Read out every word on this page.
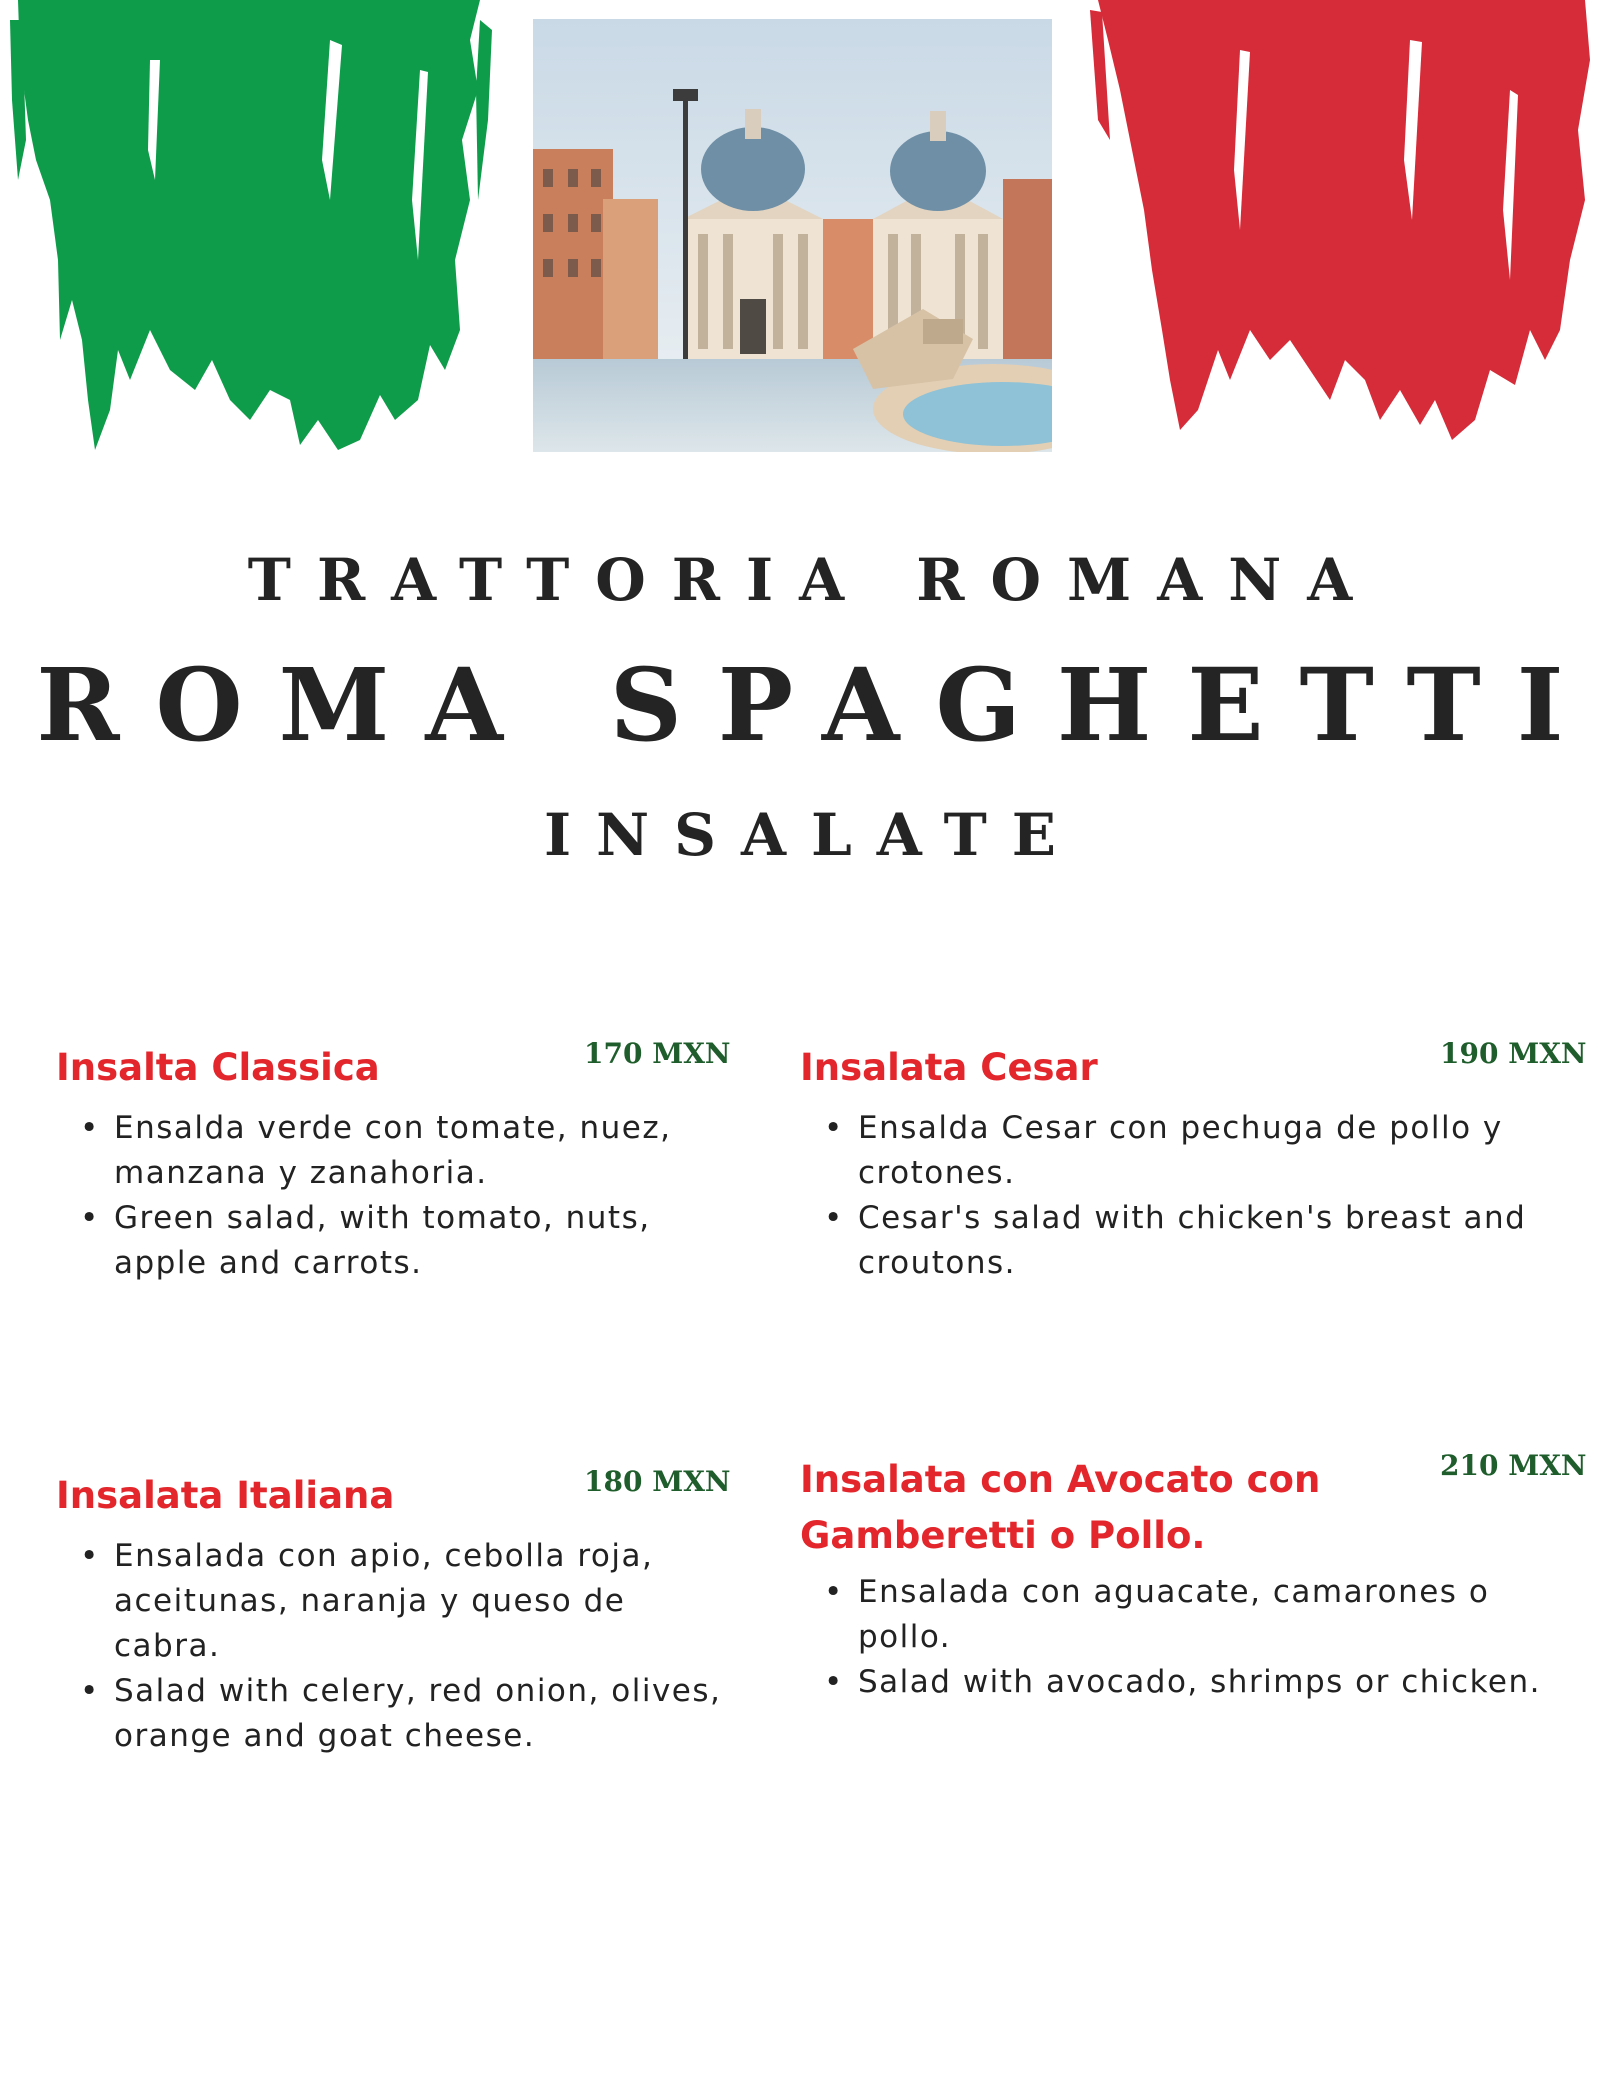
TRATTORIA ROMANA
ROMA SPAGHETTI
INSALATE
Insalta Classica	170 MXN
• Ensalda verde con tomate, nuez, manzana y zanahoria.
• Green salad, with tomato, nuts, apple and carrots.
Insalata Cesar	190 MXN
• Ensalda Cesar con pechuga de pollo y crotones.
• Cesar's salad with chicken's breast and croutons.
Insalata Italiana	180 MXN
• Ensalada con apio, cebolla roja, aceitunas, naranja y queso de cabra.
• Salad with celery, red onion, olives, orange and goat cheese.
Insalata con Avocato con Gamberetti o Pollo.
210 MXN
• Ensalada con aguacate, camarones o pollo.
• Salad with avocado, shrimps or chicken.
